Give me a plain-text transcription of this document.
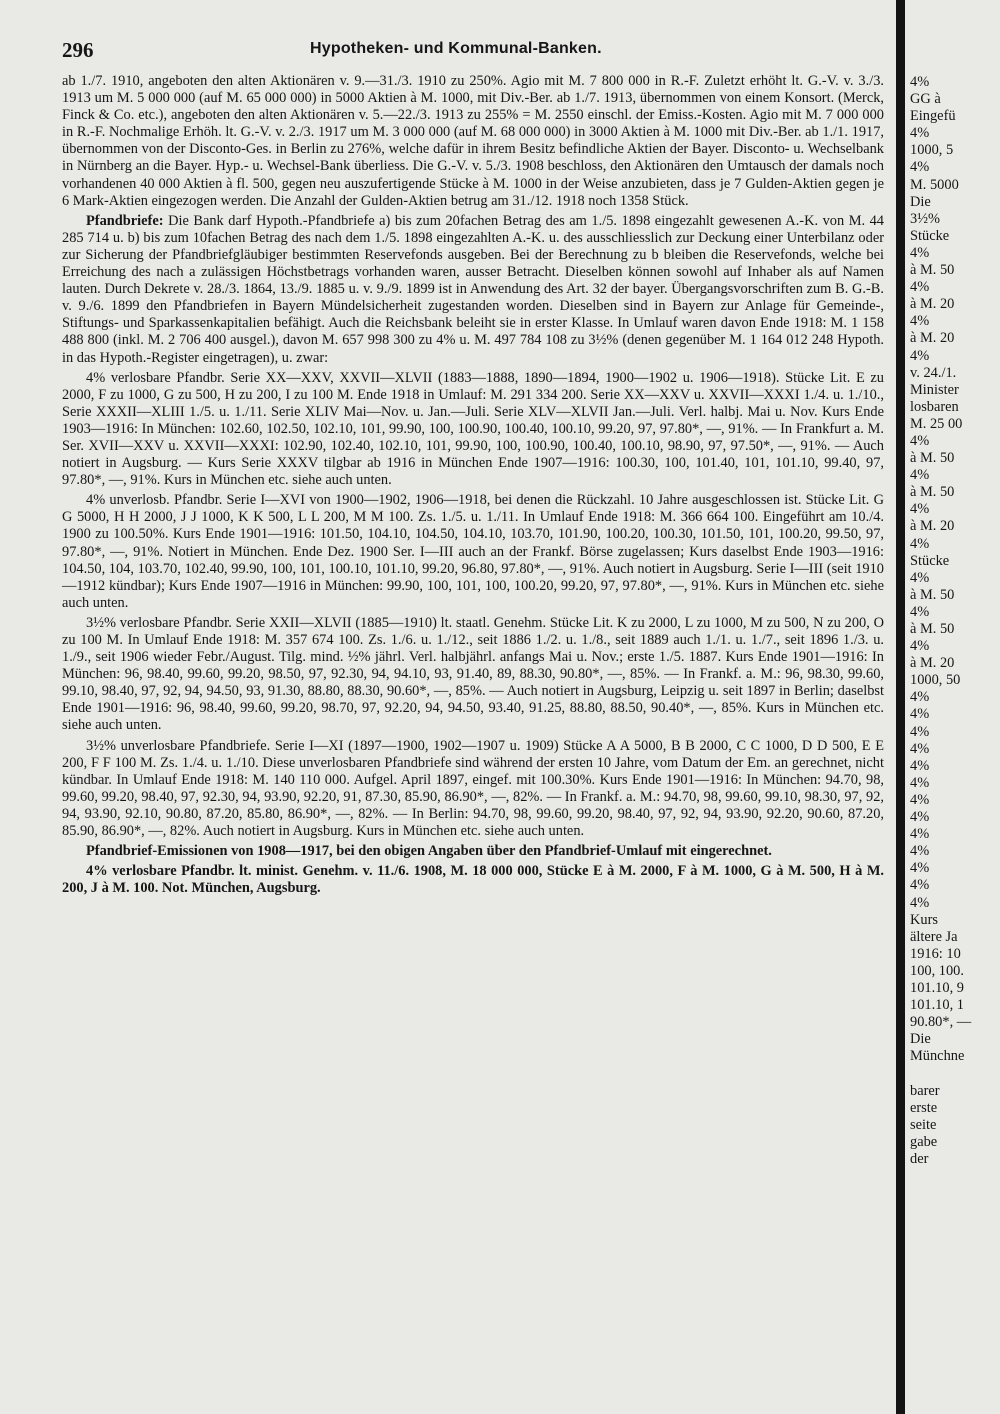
296	Hypotheken- und Kommunal-Banken.

ab 1./7. 1910, angeboten den alten Aktionären v. 9.—31./3. 1910 zu 250%. Agio mit M. 7 800 000 in R.-F. Zuletzt erhöht lt. G.-V. v. 3./3. 1913 um M. 5 000 000 (auf M. 65 000 000) in 5000 Aktien à M. 1000, mit Div.-Ber. ab 1./7. 1913, übernommen von einem Konsort. (Merck, Finck & Co. etc.), angeboten den alten Aktionären v. 5.—22./3. 1913 zu 255% = M. 2550 einschl. der Emiss.-Kosten. Agio mit M. 7 000 000 in R.-F. Nochmalige Erhöh. lt. G.-V. v. 2./3. 1917 um M. 3 000 000 (auf M. 68 000 000) in 3000 Aktien à M. 1000 mit Div.-Ber. ab 1./1. 1917, übernommen von der Disconto-Ges. in Berlin zu 276%, welche dafür in ihrem Besitz befindliche Aktien der Bayer. Disconto- u. Wechselbank in Nürnberg an die Bayer. Hyp.- u. Wechsel-Bank überliess. Die G.-V. v. 5./3. 1908 beschloss, den Aktionären den Umtausch der damals noch vorhandenen 40 000 Aktien à fl. 500, gegen neu auszufertigende Stücke à M. 1000 in der Weise anzubieten, dass je 7 Gulden-Aktien gegen je 6 Mark-Aktien eingezogen werden. Die Anzahl der Gulden-Aktien betrug am 31./12. 1918 noch 1358 Stück.

Pfandbriefe: Die Bank darf Hypoth.-Pfandbriefe a) bis zum 20fachen Betrag des am 1./5. 1898 eingezahlt gewesenen A.-K. von M. 44 285 714 u. b) bis zum 10fachen Betrag des nach dem 1./5. 1898 eingezahlten A.-K. u. des ausschliesslich zur Deckung einer Unterbilanz oder zur Sicherung der Pfandbriefgläubiger bestimmten Reservefonds ausgeben. Bei der Berechnung zu b bleiben die Reservefonds, welche bei Erreichung des nach a zulässigen Höchstbetrags vorhanden waren, ausser Betracht. Dieselben können sowohl auf Inhaber als auf Namen lauten. Durch Dekrete v. 28./3. 1864, 13./9. 1885 u. v. 9./9. 1899 ist in Anwendung des Art. 32 der bayer. Übergangsvorschriften zum B. G.-B. v. 9./6. 1899 den Pfandbriefen in Bayern Mündelsicherheit zugestanden worden. Dieselben sind in Bayern zur Anlage für Gemeinde-, Stiftungs- und Sparkassenkapitalien befähigt. Auch die Reichsbank beleiht sie in erster Klasse. In Umlauf waren davon Ende 1918: M. 1 158 488 800 (inkl. M. 2 706 400 ausgel.), davon M. 657 998 300 zu 4% u. M. 497 784 108 zu 3½% (denen gegenüber M. 1 164 012 248 Hypoth. in das Hypoth.-Register eingetragen), u. zwar:

4% verlosbare Pfandbr. Serie XX—XXV, XXVII—XLVII (1883—1888, 1890—1894, 1900—1902 u. 1906—1918). Stücke Lit. E zu 2000, F zu 1000, G zu 500, H zu 200, I zu 100 M. Ende 1918 in Umlauf: M. 291 334 200. Serie XX—XXV u. XXVII—XXXI 1./4. u. 1./10., Serie XXXII—XLIII 1./5. u. 1./11. Serie XLIV Mai—Nov. u. Jan.—Juli. Serie XLV—XLVII Jan.—Juli. Verl. halbj. Mai u. Nov. Kurs Ende 1903—1916: In München: 102.60, 102.50, 102.10, 101, 99.90, 100, 100.90, 100.40, 100.10, 99.20, 97, 97.80*, —, 91%. — In Frankfurt a. M. Ser. XVII—XXV u. XXVII—XXXI: 102.90, 102.40, 102.10, 101, 99.90, 100, 100.90, 100.40, 100.10, 98.90, 97, 97.50*, —, 91%. — Auch notiert in Augsburg. — Kurs Serie XXXV tilgbar ab 1916 in München Ende 1907—1916: 100.30, 100, 101.40, 101, 101.10, 99.40, 97, 97.80*, —, 91%. Kurs in München etc. siehe auch unten.

4% unverlosb. Pfandbr. Serie I—XVI von 1900—1902, 1906—1918, bei denen die Rückzahl. 10 Jahre ausgeschlossen ist. Stücke Lit. G G 5000, H H 2000, J J 1000, K K 500, L L 200, M M 100. Zs. 1./5. u. 1./11. In Umlauf Ende 1918: M. 366 664 100. Eingeführt am 10./4. 1900 zu 100.50%. Kurs Ende 1901—1916: 101.50, 104.10, 104.50, 104.10, 103.70, 101.90, 100.20, 100.30, 101.50, 101, 100.20, 99.50, 97, 97.80*, —, 91%. Notiert in München. Ende Dez. 1900 Ser. I—III auch an der Frankf. Börse zugelassen; Kurs daselbst Ende 1903—1916: 104.50, 104, 103.70, 102.40, 99.90, 100, 101, 100.10, 101.10, 99.20, 96.80, 97.80*, —, 91%. Auch notiert in Augsburg. Serie I—III (seit 1910—1912 kündbar); Kurs Ende 1907—1916 in München: 99.90, 100, 101, 100, 100.20, 99.20, 97, 97.80*, —, 91%. Kurs in München etc. siehe auch unten.

3½% verlosbare Pfandbr. Serie XXII—XLVII (1885—1910) lt. staatl. Genehm. Stücke Lit. K zu 2000, L zu 1000, M zu 500, N zu 200, O zu 100 M. In Umlauf Ende 1918: M. 357 674 100. Zs. 1./6. u. 1./12., seit 1886 1./2. u. 1./8., seit 1889 auch 1./1. u. 1./7., seit 1896 1./3. u. 1./9., seit 1906 wieder Febr./August. Tilg. mind. ½% jährl. Verl. halbjährl. anfangs Mai u. Nov.; erste 1./5. 1887. Kurs Ende 1901—1916: In München: 96, 98.40, 99.60, 99.20, 98.50, 97, 92.30, 94, 94.10, 93, 91.40, 89, 88.30, 90.80*, —, 85%. — In Frankf. a. M.: 96, 98.30, 99.60, 99.10, 98.40, 97, 92, 94, 94.50, 93, 91.30, 88.80, 88.30, 90.60*, —, 85%. — Auch notiert in Augsburg, Leipzig u. seit 1897 in Berlin; daselbst Ende 1901—1916: 96, 98.40, 99.60, 99.20, 98.70, 97, 92.20, 94, 94.50, 93.40, 91.25, 88.80, 88.50, 90.40*, —, 85%. Kurs in München etc. siehe auch unten.

3½% unverlosbare Pfandbriefe. Serie I—XI (1897—1900, 1902—1907 u. 1909) Stücke A A 5000, B B 2000, C C 1000, D D 500, E E 200, F F 100 M. Zs. 1./4. u. 1./10. Diese unverlosbaren Pfandbriefe sind während der ersten 10 Jahre, vom Datum der Em. an gerechnet, nicht kündbar. In Umlauf Ende 1918: M. 140 110 000. Aufgel. April 1897, eingef. mit 100.30%. Kurs Ende 1901—1916: In München: 94.70, 98, 99.60, 99.20, 98.40, 97, 92.30, 94, 93.90, 92.20, 91, 87.30, 85.90, 86.90*, —, 82%. — In Frankf. a. M.: 94.70, 98, 99.60, 99.10, 98.30, 97, 92, 94, 93.90, 92.10, 90.80, 87.20, 85.80, 86.90*, —, 82%. — In Berlin: 94.70, 98, 99.60, 99.20, 98.40, 97, 92, 94, 93.90, 92.20, 90.60, 87.20, 85.90, 86.90*, —, 82%. Auch notiert in Augsburg. Kurs in München etc. siehe auch unten.

Pfandbrief-Emissionen von 1908—1917, bei den obigen Angaben über den Pfandbrief-Umlauf mit eingerechnet.

4% verlosbare Pfandbr. lt. minist. Genehm. v. 11./6. 1908, M. 18 000 000, Stücke E à M. 2000, F à M. 1000, G à M. 500, H à M. 200, J à M. 100. Not. München, Augsburg.

4%
GG à
Eingefü
4%
1000, 5
4%
M. 5000
Die
3½%
Stücke
4%
à M. 50
4%
à M. 20
4%
à M. 20
4%
v. 24./1.
Minister
losbaren
M. 25 00
4%
à M. 50
4%
à M. 50
4%
à M. 20
4%
Stücke
4%
à M. 50
4%
à M. 50
4%
à M. 20
1000, 50
4%
4%
4%
4%
4%
4%
4%
4%
4%
4%
4%
4%
4%
Kurs
ältere Ja
1916: 10
100, 100.
101.10, 9
101.10, 1
90.80*, —
Die
Münchne
barer
erste
seite
gabe
der
